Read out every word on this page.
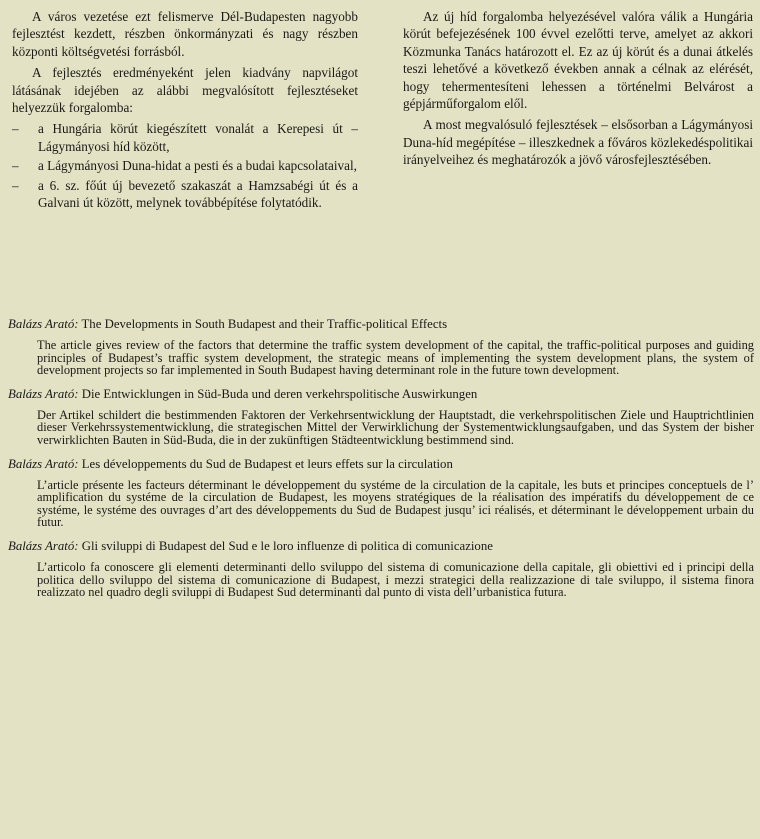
A város vezetése ezt felismerve Dél-Budapesten nagyobb fejlesztést kezdett, részben önkormányzati és nagy részben központi költségvetési forrásból.

A fejlesztés eredményeként jelen kiadvány napvilágot látásának idejében az alábbi megvalósított fejlesztéseket helyezzük forgalomba:

– a Hungária körút kiegészített vonalát a Kerepesi út – Lágymányosi híd között,
– a Lágymányosi Duna-hidat a pesti és a budai kapcsolataival,
– a 6. sz. főút új bevezető szakaszát a Hamzsabégi út és a Galvani út között, melynek továbbépítése folytatódik.

Az új híd forgalomba helyezésével valóra válik a Hungária körút befejezésének 100 évvel ezelőtti terve, amelyet az akkori Közmunka Tanács határozott el. Ez az új körút és a dunai átkelés teszi lehetővé a következő években annak a célnak az elérését, hogy tehermentesíteni lehessen a történelmi Belvárost a gépjárműforgalom elől.

A most megvalósuló fejlesztések – elsősorban a Lágymányosi Duna-híd megépítése – illeszkednek a főváros közlekedéspolitikai irányelveihez és meghatározók a jövő városfejlesztésében.

Balázs Arató: The Developments in South Budapest and their Traffic-political Effects
The article gives review of the factors that determine the traffic system development of the capital, the traffic-political purposes and guiding principles of Budapest’s traffic system development, the strategic means of implementing the system development plans, the system of development projects so far implemented in South Budapest having determinant role in the future town development.
Balázs Arató: Die Entwicklungen in Süd-Buda und deren verkehrspolitische Auswirkungen
Der Artikel schildert die bestimmenden Faktoren der Verkehrsentwicklung der Hauptstadt, die verkehrspolitischen Ziele und Hauptrichtlinien dieser Verkehrssystementwicklung, die strategischen Mittel der Verwirklichung der Systementwicklungsaufgaben, und das System der bisher verwirklichten Bauten in Süd-Buda, die in der zukünftigen Städteentwicklung bestimmend sind.
Balázs Arató: Les développements du Sud de Budapest et leurs effets sur la circulation
L’article présente les facteurs déterminant le développement du systéme de la circulation de la capitale, les buts et principes conceptuels de l’ amplification du systéme de la circulation de Budapest, les moyens stratégiques de la réalisation des impératifs du développement de ce systéme, le systéme des ouvrages d’art des développements du Sud de Budapest jusqu’ ici réalisés, et déterminant le développement urbain du futur.
Balázs Arató: Gli sviluppi di Budapest del Sud e le loro influenze di politica di comunicazione
L’articolo fa conoscere gli elementi determinanti dello sviluppo del sistema di comunicazione della capitale, gli obiettivi ed i principi della politica dello sviluppo del sistema di comunicazione di Budapest, i mezzi strategici della realizzazione di tale sviluppo, il sistema finora realizzato nel quadro degli sviluppi di Budapest Sud determinanti dal punto di vista dell’urbanistica futura.
